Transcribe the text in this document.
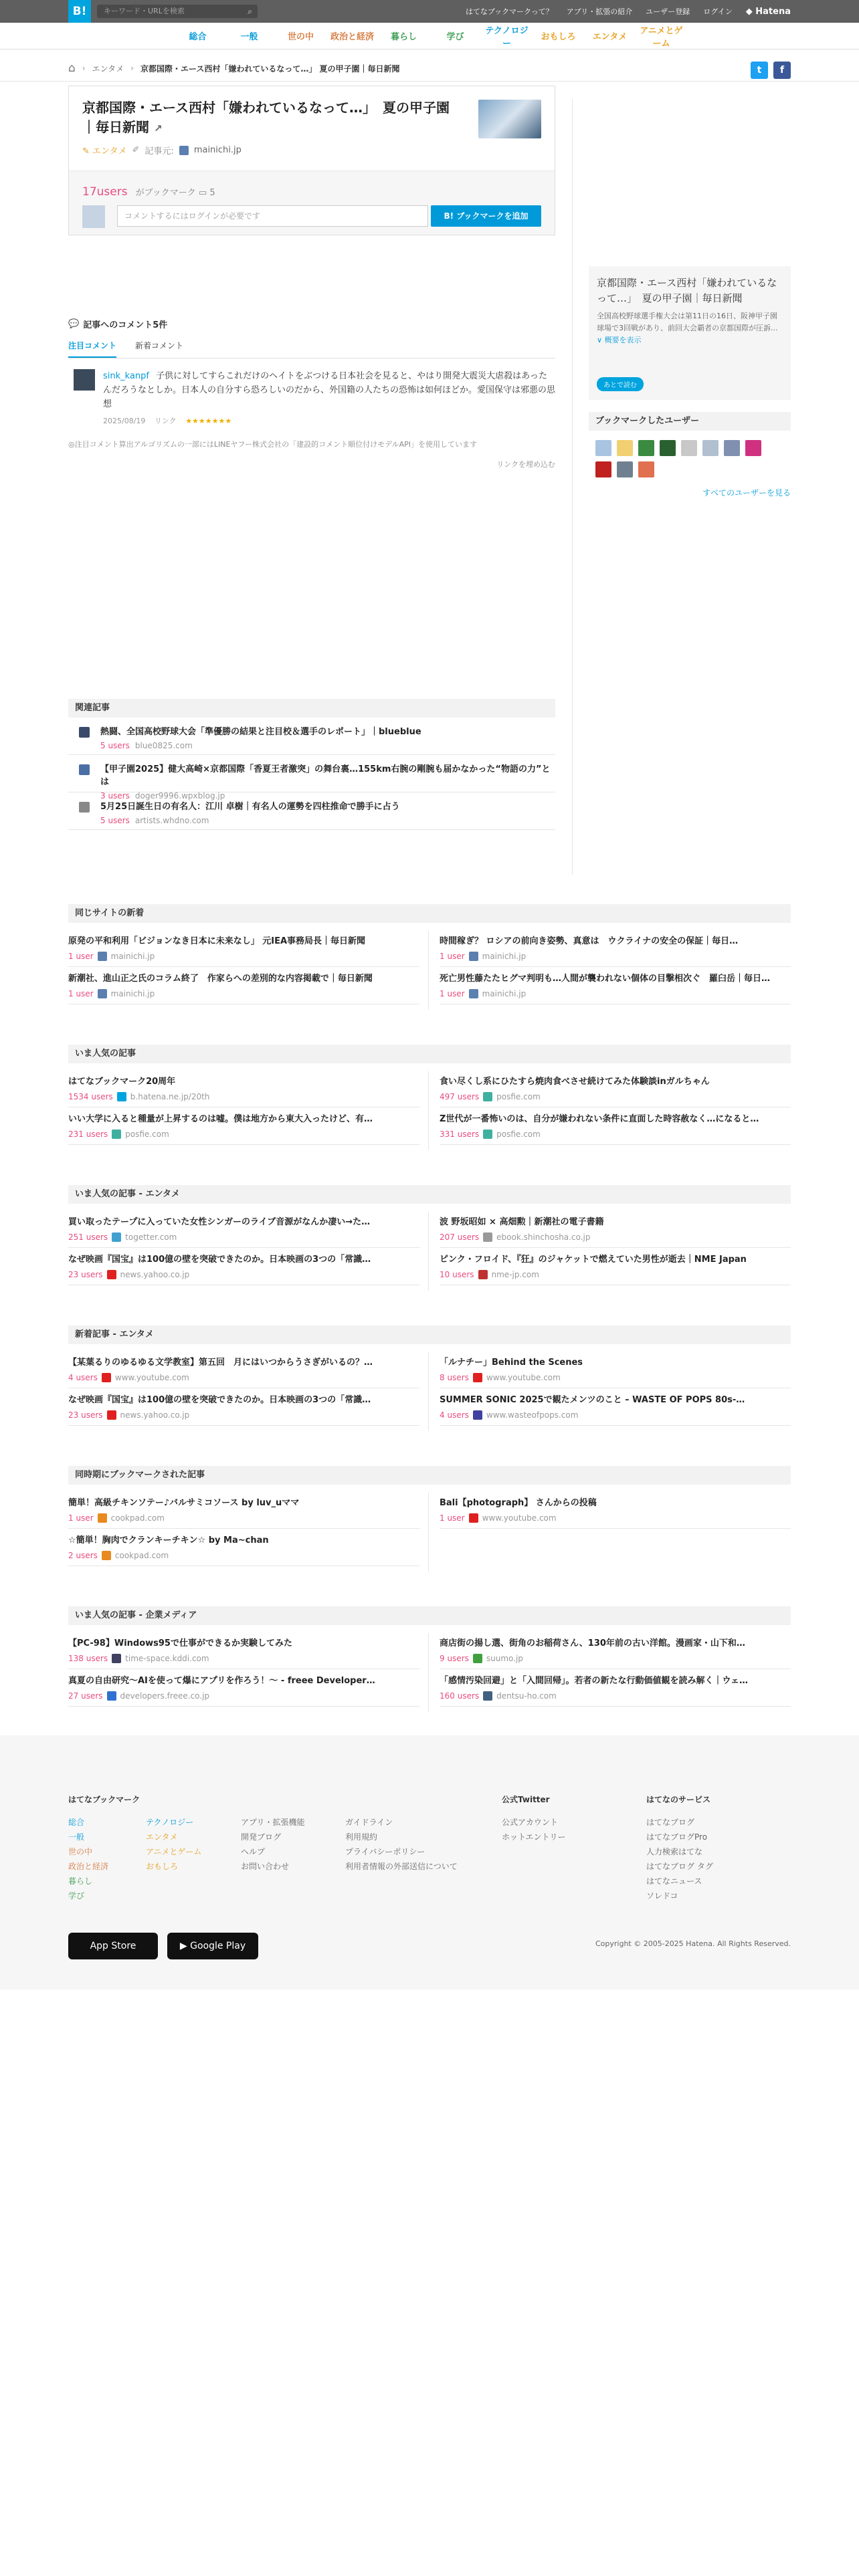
B!	キーワード・URLを検索	⌕	はてなブックマークって？ アプリ・拡張の紹介 ユーザー登録 ログイン ◆ Hatena
総合	一般	世の中	政治と経済	暮らし	学び
テクノロジー
おもしろ	エンタメ
アニメとゲーム
⌂ › エンタメ › 京都国際・エース西村「嫌われているなって…」 夏の甲子園｜毎日新聞	t	f
京都国際・エース西村「嫌われているなって…」　夏の甲子園｜毎日新聞 ↗
✎ エンタメ ✐ 記事元: mainichi.jp
17users がブックマーク ▭ 5
コメントするにはログインが必要です	B! ブックマークを追加
💬 記事へのコメント5件
注目コメント 新着コメント
sink_kanpf 子供に対してすらこれだけのヘイトをぶつける日本社会を見ると、やはり開発大震災大虐殺はあったんだろうなとしか。日本人の自分すら恐ろしいのだから、外国籍の人たちの恐怖は如何ほどか。愛国保守は邪悪の思想
2025/08/19 リンク ★★★★★★★
◎注目コメント算出アルゴリズムの一部にはLINEヤフー株式会社の「建設的コメント順位付けモデルAPI」を使用しています
リンクを埋め込む
関連記事
熱闘、全国高校野球大会「準優勝の結果と注目校＆選手のレポート」｜blueblue
5 users blue0825.com
【甲子園2025】健大高崎×京都国際「香夏王者激突」の舞台裏…155km右腕の剛腕も届かなかった“物語の力”とは
3 users doger9996.wpxblog.jp
5月25日誕生日の有名人：江川 卓樹｜有名人の運勢を四柱推命で勝手に占う
5 users artists.whdno.com
京都国際・エース西村「嫌われているなって…」　夏の甲子園｜毎日新聞
全国高校野球選手権大会は第11日の16日、阪神甲子園球場で3回戦があり、前回大会覇者の京都国際が圧訴... ∨ 概要を表示
あとで読む
ブックマークしたユーザー
すべてのユーザーを見る
同じサイトの新着
原発の平和利用「ビジョンなき日本に未来なし」 元IEA事務局長｜毎日新聞
1 user mainichi.jp
時間稼ぎ？ ロシアの前向き姿勢、真意は　ウクライナの安全の保証｜毎日…
1 user mainichi.jp
新潮社、進山正之氏のコラム終了　作家らへの差別的な内容掲載で｜毎日新聞
1 user mainichi.jp
死亡男性藤たたヒグマ判明も…人間が襲われない個体の目撃相次ぐ　羅臼岳｜毎日…
1 user mainichi.jp
いま人気の記事
はてなブックマーク20周年
1534 users b.hatena.ne.jp/20th
食い尽くし系にひたすら焼肉食べさせ続けてみた体験談inガルちゃん
497 users posfie.com
いい大学に入ると種量が上昇するのは嘘。僕は地方から東大入ったけど、有…
231 users posfie.com
Z世代が一番怖いのは、自分が嫌われない条件に直面した時容赦なく…になると…
331 users posfie.com
いま人気の記事 - エンタメ
買い取ったテープに入っていた女性シンガーのライブ音源がなんか凄い→た…
251 users togetter.com
波 野坂昭如 × 高畑勲｜新潮社の電子書籍
207 users ebook.shinchosha.co.jp
なぜ映画『国宝』は100億の壁を突破できたのか。日本映画の3つの「常識…
23 users news.yahoo.co.jp
ピンク・フロイド、『狂』のジャケットで燃えていた男性が逝去｜NME Japan
10 users nme-jp.com
新着記事 - エンタメ
【某葉るりのゆるゆる文学教室】第五回　月にはいつからうさぎがいるの？…
4 users www.youtube.com
「ルナチー」Behind the Scenes
8 users www.youtube.com
なぜ映画『国宝』は100億の壁を突破できたのか。日本映画の3つの「常識…
23 users news.yahoo.co.jp
SUMMER SONIC 2025で観たメンツのこと – WASTE OF POPS 80s-…
4 users www.wasteofpops.com
同時期にブックマークされた記事
簡単！高級チキンソテー♪バルサミコソース by luv_uママ
1 user cookpad.com
Bali【photograph】 さんからの投稿
1 user www.youtube.com
☆簡単！胸肉でクランキーチキン☆ by Ma~chan
2 users cookpad.com
いま人気の記事 - 企業メディア
【PC-98】Windows95で仕事ができるか実験してみた
138 users time-space.kddi.com
商店街の揚し選、街角のお稲荷さん、130年前の古い洋館。漫画家・山下和…
9 users suumo.jp
真夏の自由研究〜AIを使って爆にアプリを作ろう！〜 - freee Developer…
27 users developers.freee.co.jp
「感情汚染回避」と「入間回帰」。若者の新たな行動価値観を読み解く｜ウェ…
160 users dentsu-ho.com
はてなブックマーク
総合
一般
世の中
政治と経済
暮らし
学び
テクノロジー
エンタメ
アニメとゲーム
おもしろ
アプリ・拡張機能
開発ブログ
ヘルプ
お問い合わせ
ガイドライン
利用規約
プライバシーポリシー
利用者情報の外部送信について
公式Twitter
公式アカウント
ホットエントリー
はてなのサービス
はてなブログ
はてなブログPro
人力検索はてな
はてなブログ タグ
はてなニュース
ソレドコ
App Store	▶ Google Play	Copyright © 2005-2025 Hatena. All Rights Reserved.
